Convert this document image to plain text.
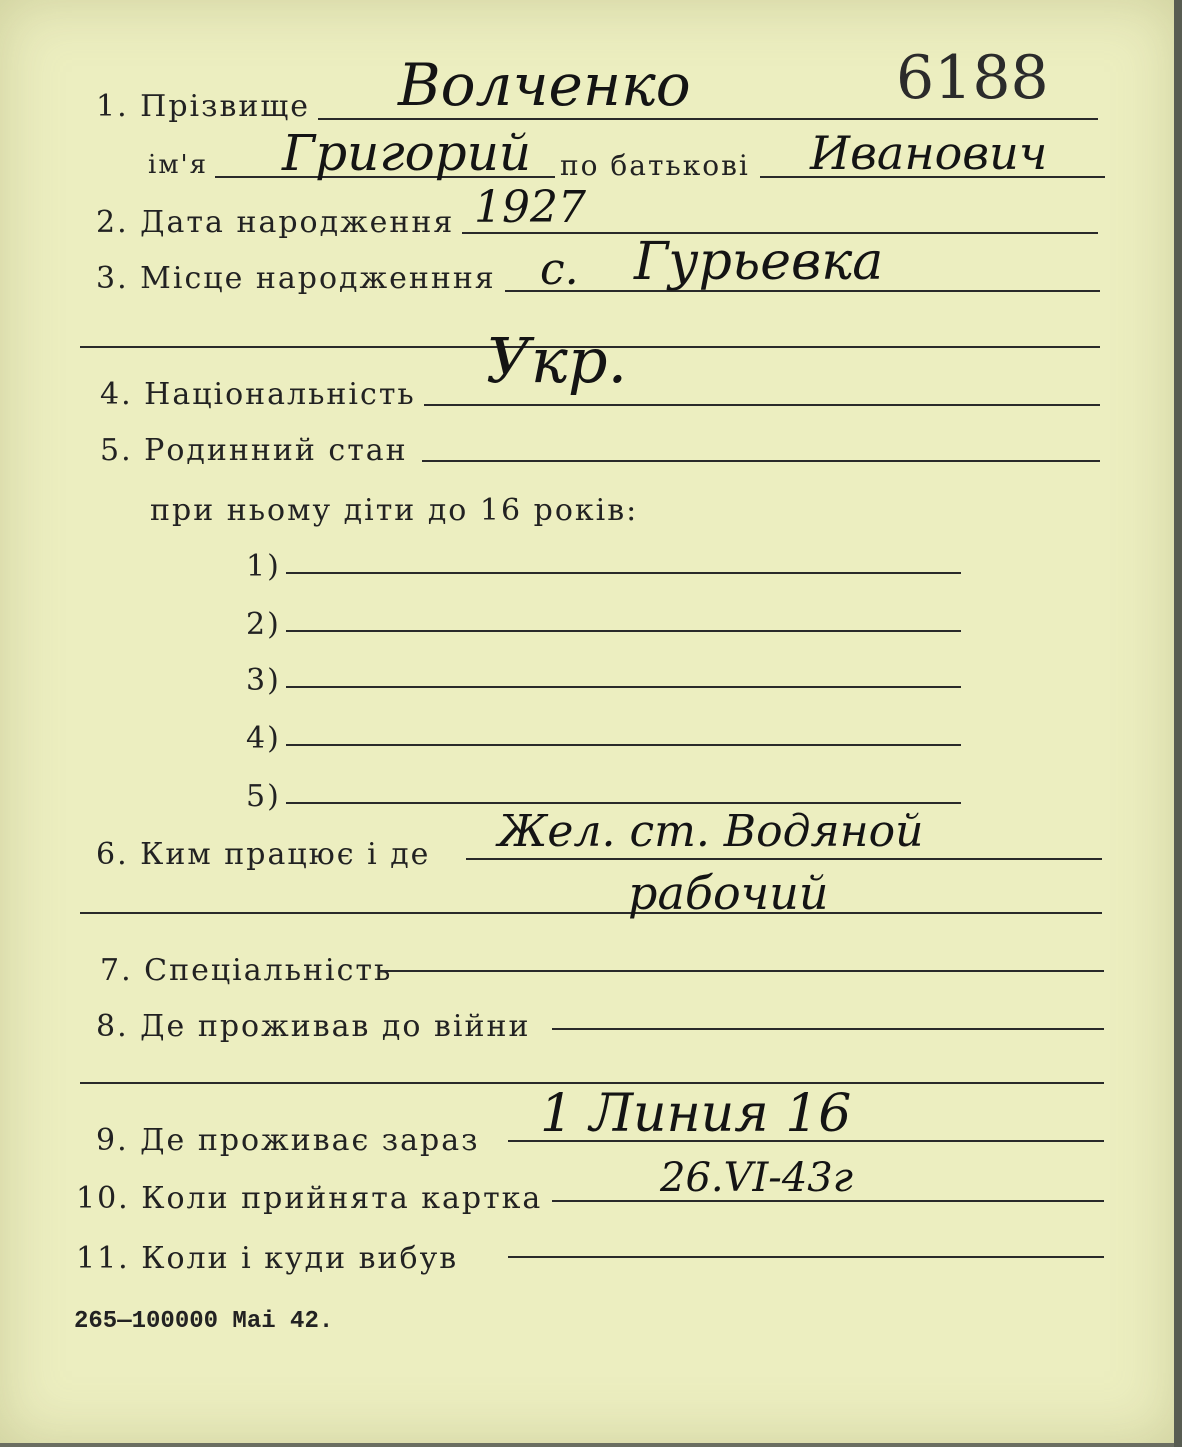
1. Прізвище Волченко	6188
ім'я Григорий по батькові Иванович
2. Дата народження 1927
3. Місце народженння с. Гурьевка
4. Національність Укр.
5. Родинний стан
при ньому діти до 16 років:
1)
2)
3)
4)
5)
6. Ким працює і де Жел. ст. Водяной
рабочий
7. Спеціальність
8. Де проживав до війни
9. Де проживає зараз 1 Линия 16
10. Коли прийнята картка	26.VI-43г
11. Коли і куди вибув
265—100000 Mai 42.
